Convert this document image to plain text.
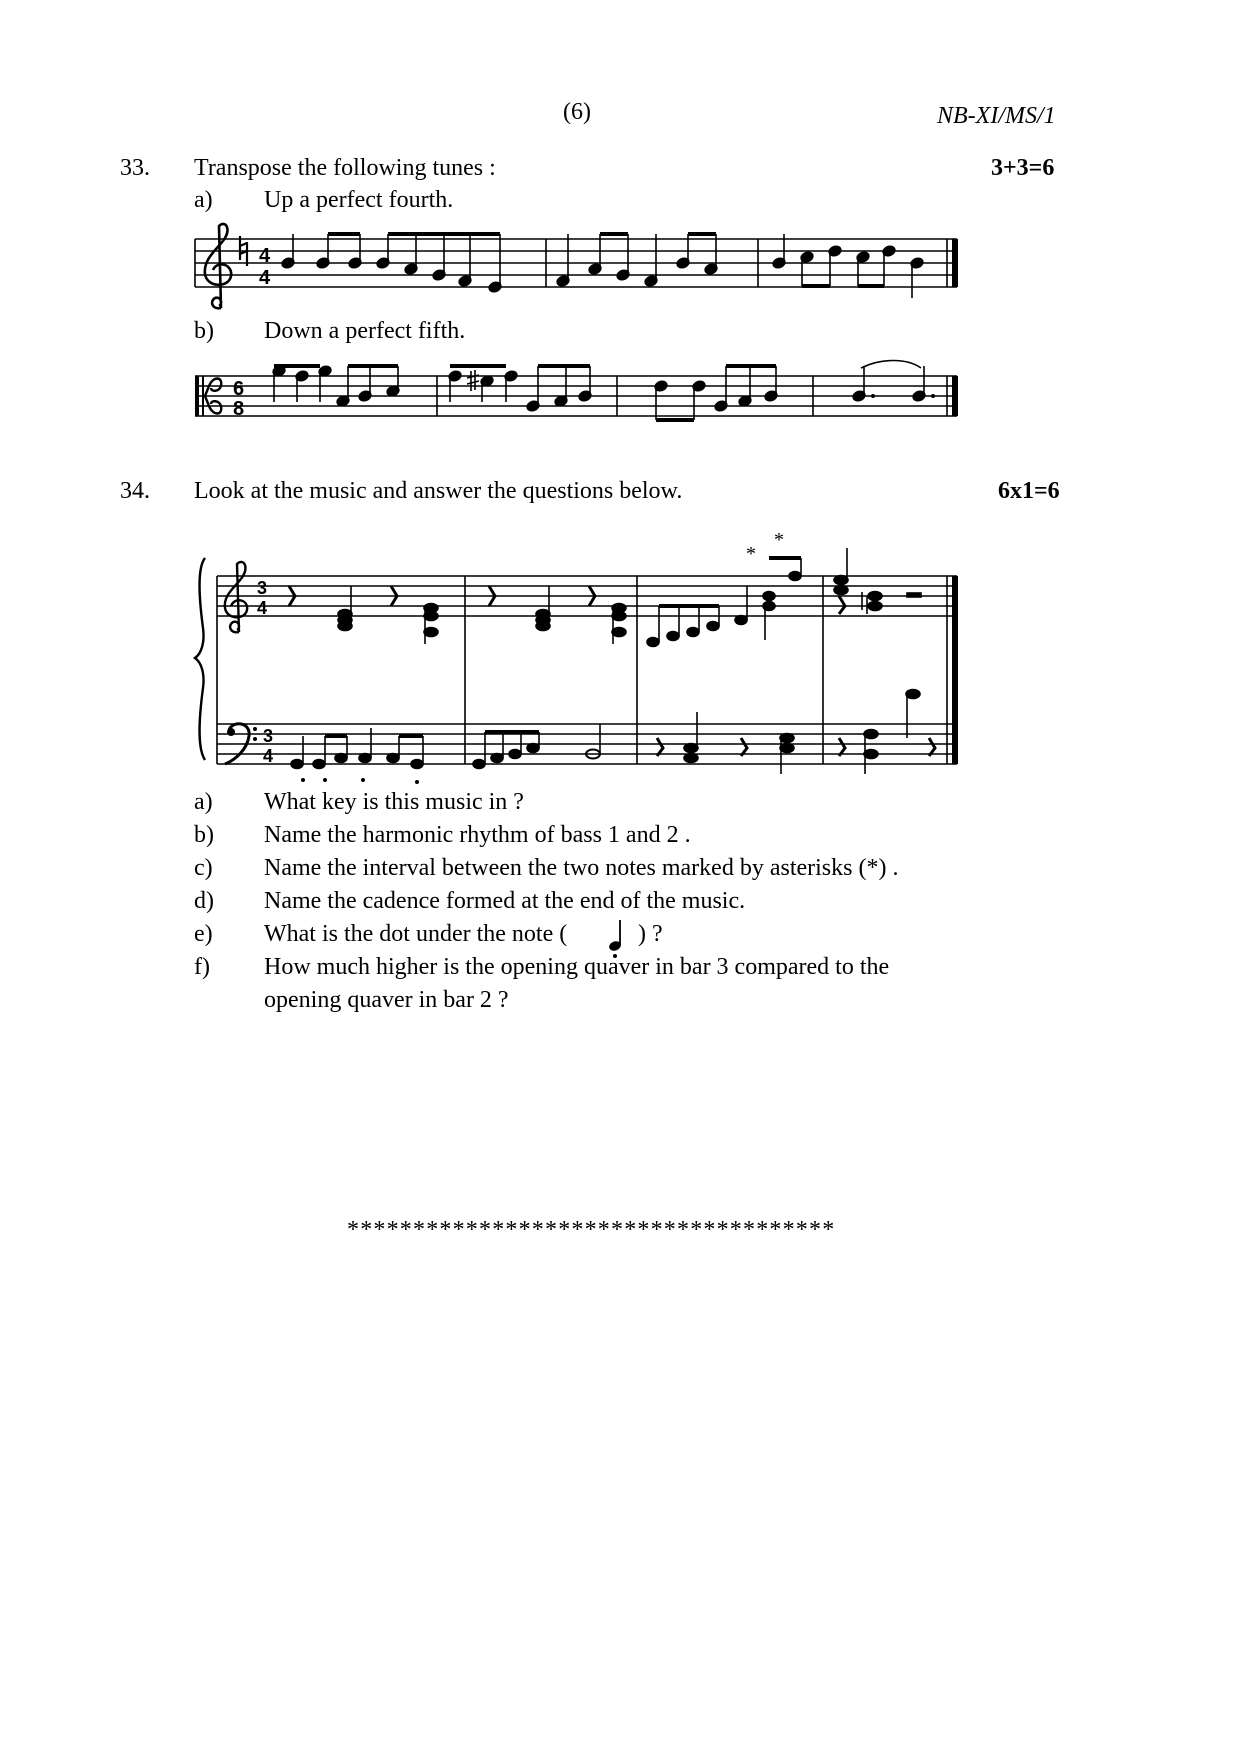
(6)	NB-XI/MS/1
33. Transpose the following tunes :	3+3=6
a) Up a perfect fourth.
4
4
b) Down a perfect fifth.
6
8
34. Look at the music and answer the questions below.	6x1=6
3
4
3
4
*
*
a) What key is this music in ?
b) Name the harmonic rhythm of bass 1 and 2 .
c) Name the interval between the two notes marked by asterisks (*) .
d) Name the cadence formed at the end of the music.
e) What is the dot under the note (	) ?
f) How much higher is the opening quaver in bar 3 compared to the
opening quaver in bar 2 ?
*************************************
